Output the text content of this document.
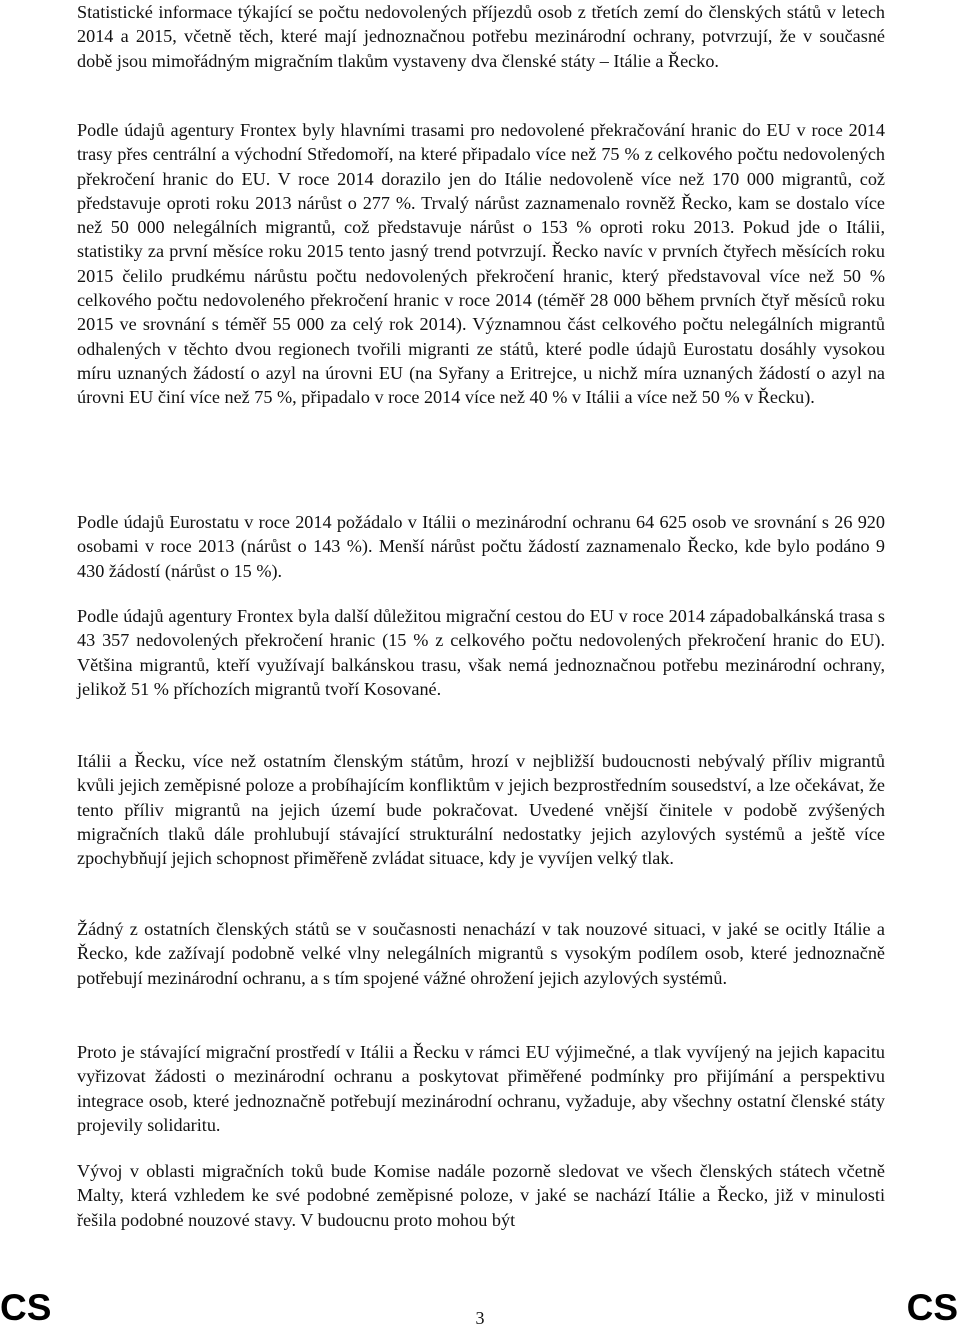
Statistické informace týkající se počtu nedovolených příjezdů osob z třetích zemí do členských států v letech 2014 a 2015, včetně těch, které mají jednoznačnou potřebu mezinárodní ochrany, potvrzují, že v současné době jsou mimořádným migračním tlakům vystaveny dva členské státy – Itálie a Řecko.

Podle údajů agentury Frontex byly hlavními trasami pro nedovolené překračování hranic do EU v roce 2014 trasy přes centrální a východní Středomoří, na které připadalo více než 75 % z celkového počtu nedovolených překročení hranic do EU. V roce 2014 dorazilo jen do Itálie nedovoleně více než 170 000 migrantů, což představuje oproti roku 2013 nárůst o 277 %. Trvalý nárůst zaznamenalo rovněž Řecko, kam se dostalo více než 50 000 nelegálních migrantů, což představuje nárůst o 153 % oproti roku 2013. Pokud jde o Itálii, statistiky za první měsíce roku 2015 tento jasný trend potvrzují. Řecko navíc v prvních čtyřech měsících roku 2015 čelilo prudkému nárůstu počtu nedovolených překročení hranic, který představoval více než 50 % celkového počtu nedovoleného překročení hranic v roce 2014 (téměř 28 000 během prvních čtyř měsíců roku 2015 ve srovnání s téměř 55 000 za celý rok 2014). Významnou část celkového počtu nelegálních migrantů odhalených v těchto dvou regionech tvořili migranti ze států, které podle údajů Eurostatu dosáhly vysokou míru uznaných žádostí o azyl na úrovni EU (na Syřany a Eritrejce, u nichž míra uznaných žádostí o azyl na úrovni EU činí více než 75 %, připadalo v roce 2014 více než 40 % v Itálii a více než 50 % v Řecku).

Podle údajů Eurostatu v roce 2014 požádalo v Itálii o mezinárodní ochranu 64 625 osob ve srovnání s 26 920 osobami v roce 2013 (nárůst o 143 %). Menší nárůst počtu žádostí zaznamenalo Řecko, kde bylo podáno 9 430 žádostí (nárůst o 15 %).

Podle údajů agentury Frontex byla další důležitou migrační cestou do EU v roce 2014 západobalkánská trasa s 43 357 nedovolených překročení hranic (15 % z celkového počtu nedovolených překročení hranic do EU). Většina migrantů, kteří využívají balkánskou trasu, však nemá jednoznačnou potřebu mezinárodní ochrany, jelikož 51 % příchozích migrantů tvoří Kosované.

Itálii a Řecku, více než ostatním členským státům, hrozí v nejbližší budoucnosti nebývalý příliv migrantů kvůli jejich zeměpisné poloze a probíhajícím konfliktům v jejich bezprostředním sousedství, a lze očekávat, že tento příliv migrantů na jejich území bude pokračovat. Uvedené vnější činitele v podobě zvýšených migračních tlaků dále prohlubují stávající strukturální nedostatky jejich azylových systémů a ještě více zpochybňují jejich schopnost přiměřeně zvládat situace, kdy je vyvíjen velký tlak.

Žádný z ostatních členských států se v současnosti nenachází v tak nouzové situaci, v jaké se ocitly Itálie a Řecko, kde zažívají podobně velké vlny nelegálních migrantů s vysokým podílem osob, které jednoznačně potřebují mezinárodní ochranu, a s tím spojené vážné ohrožení jejich azylových systémů.

Proto je stávající migrační prostředí v Itálii a Řecku v rámci EU výjimečné, a tlak vyvíjený na jejich kapacitu vyřizovat žádosti o mezinárodní ochranu a poskytovat přiměřené podmínky pro přijímání a perspektivu integrace osob, které jednoznačně potřebují mezinárodní ochranu, vyžaduje, aby všechny ostatní členské státy projevily solidaritu.

Vývoj v oblasti migračních toků bude Komise nadále pozorně sledovat ve všech členských státech včetně Malty, která vzhledem ke své podobné zeměpisné poloze, v jaké se nachází Itálie a Řecko, již v minulosti řešila podobné nouzové stavy. V budoucnu proto mohou být

CS	3	CS
